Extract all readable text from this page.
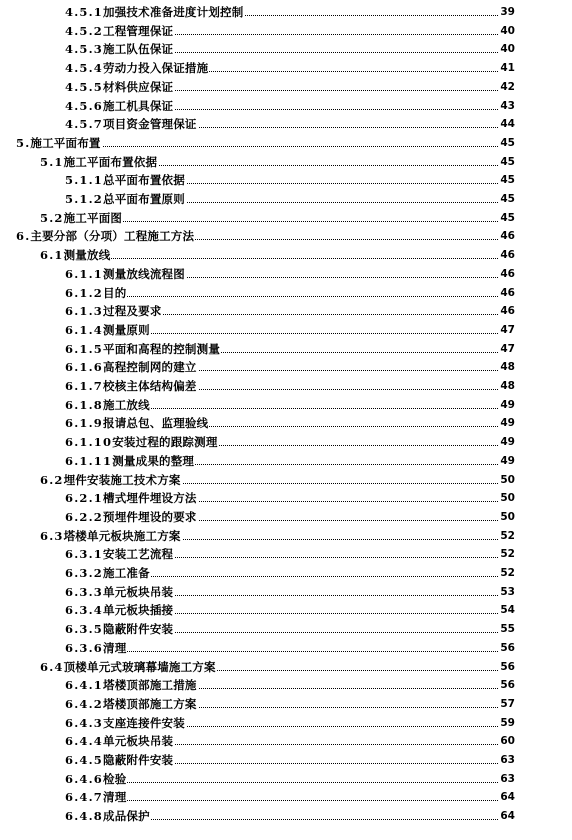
4.5.1加强技术准备进度计划控制	39
4.5.2工程管理保证	40
4.5.3施工队伍保证	40
4.5.4劳动力投入保证措施	41
4.5.5材料供应保证	42
4.5.6施工机具保证	43
4.5.7项目资金管理保证	44
5.施工平面布置	45
5.1施工平面布置依据	45
5.1.1总平面布置依据	45
5.1.2总平面布置原则	45
5.2施工平面图	45
6.主要分部（分项）工程施工方法	46
6.1测量放线	46
6.1.1测量放线流程图	46
6.1.2目的	46
6.1.3过程及要求	46
6.1.4测量原则	47
6.1.5平面和高程的控制测量	47
6.1.6高程控制网的建立	48
6.1.7校核主体结构偏差	48
6.1.8施工放线	49
6.1.9报请总包、监理验线	49
6.1.10安装过程的跟踪测理	49
6.1.11测量成果的整理	49
6.2埋件安装施工技术方案	50
6.2.1槽式埋件埋设方法	50
6.2.2预埋件埋设的要求	50
6.3塔楼单元板块施工方案	52
6.3.1安装工艺流程	52
6.3.2施工准备	52
6.3.3单元板块吊装	53
6.3.4单元板块插接	54
6.3.5隐蔽附件安装	55
6.3.6清理	56
6.4顶楼单元式玻璃幕墙施工方案	56
6.4.1塔楼顶部施工措施	56
6.4.2塔楼顶部施工方案	57
6.4.3支座连接件安装	59
6.4.4单元板块吊装	60
6.4.5隐蔽附件安装	63
6.4.6检验	63
6.4.7清理	64
6.4.8成品保护	64
